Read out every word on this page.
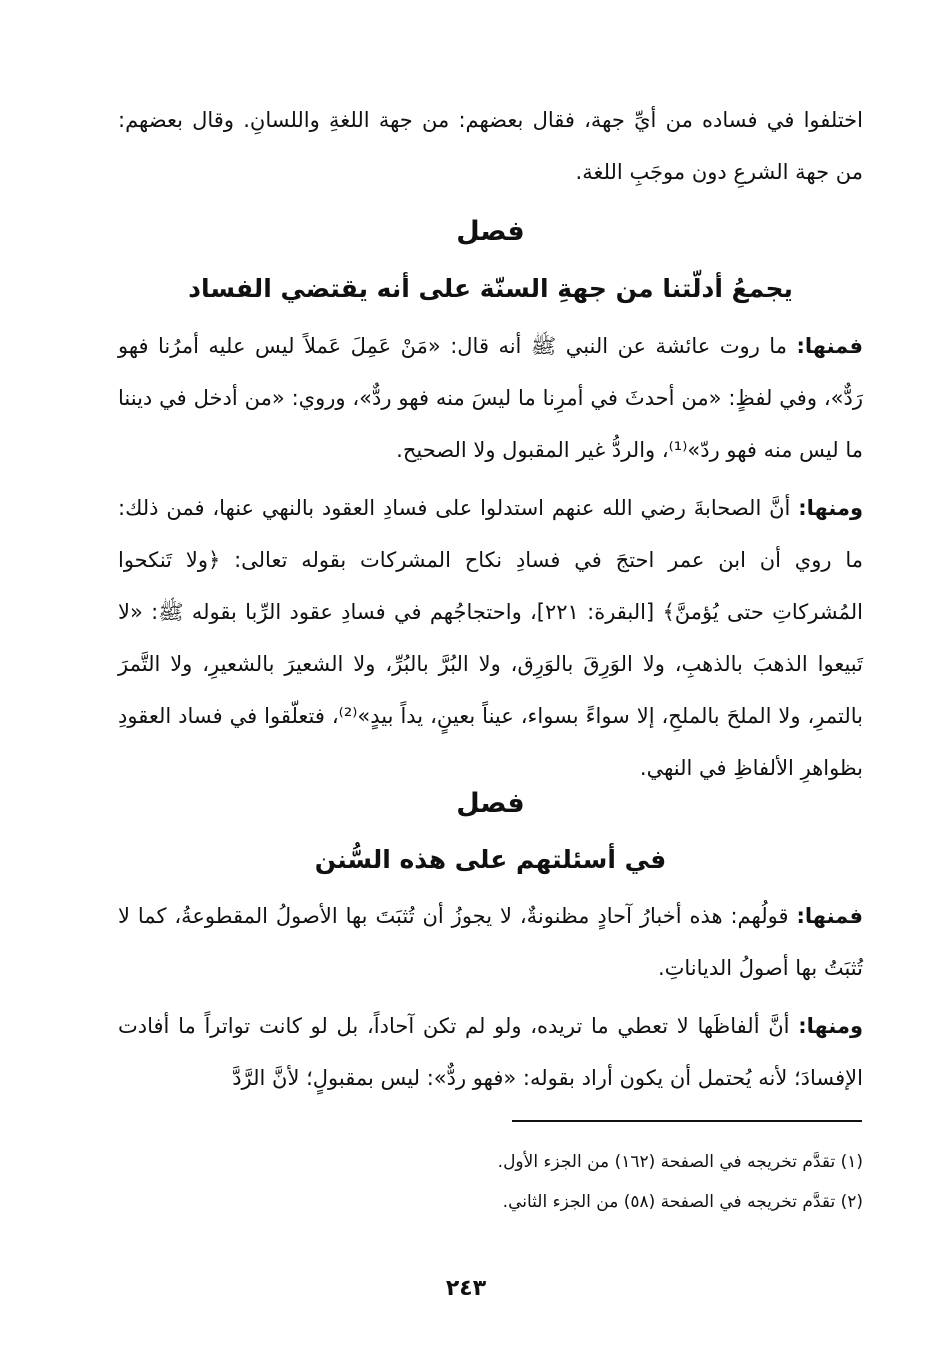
اختلفوا في فساده من أيِّ جهة، فقال بعضهم: من جهة اللغةِ واللسانِ. وقال بعضهم: من جهة الشرعِ دون موجَبِ اللغة.

فصل
يجمعُ أدلّتنا من جهةِ السنّة على أنه يقتضي الفساد

فمنها: ما روت عائشة عن النبي ﷺ أنه قال: «مَنْ عَمِلَ عَملاً ليس عليه أمرُنا فهو رَدٌّ»، وفي لفظٍ: «من أحدثَ في أمرِنا ما ليسَ منه فهو ردٌّ»، وروي: «من أدخل في ديننا ما ليس منه فهو ردّ»⁽¹⁾، والردُّ غير المقبول ولا الصحيح.

ومنها: أنَّ الصحابةَ رضي الله عنهم استدلوا على فسادِ العقود بالنهي عنها، فمن ذلك: ما روي أن ابن عمر احتجَ في فسادِ نكاح المشركات بقوله تعالى: ﴿ولا تَنكحوا المُشركاتِ حتى يُؤمنَّ﴾ [البقرة: ٢٢١]، واحتجاجُهم في فسادِ عقود الرِّبا بقوله ﷺ: «لا تَبيعوا الذهبَ بالذهبِ، ولا الوَرِقَ بالوَرِق، ولا البُرَّ بالبُرِّ، ولا الشعيرَ بالشعيرِ، ولا التَّمرَ بالتمرِ، ولا الملحَ بالملحِ، إلا سواءً بسواء، عيناً بعينٍ، يداً بيدٍ»⁽²⁾، فتعلّقوا في فساد العقودِ بظواهرِ الألفاظِ في النهي.

فصل
في أسئلتهم على هذه السُّنن

فمنها: قولُهم: هذه أخبارُ آحادٍ مظنونةٌ، لا يجوزُ أن تُثبَتَ بها الأصولُ المقطوعةُ، كما لا تُثبَتُ بها أصولُ الدياناتِ.

ومنها: أنَّ ألفاظَها لا تعطي ما تريده، ولو لم تكن آحاداً، بل لو كانت تواتراً ما أفادت الإفسادَ؛ لأنه يُحتمل أن يكون أراد بقوله: «فهو ردٌّ»: ليس بمقبولٍ؛ لأنَّ الرَّدَّ

(١) تقدَّم تخريجه في الصفحة (١٦٢) من الجزء الأول.

(٢) تقدَّم تخريجه في الصفحة (٥٨) من الجزء الثاني.

٢٤٣
